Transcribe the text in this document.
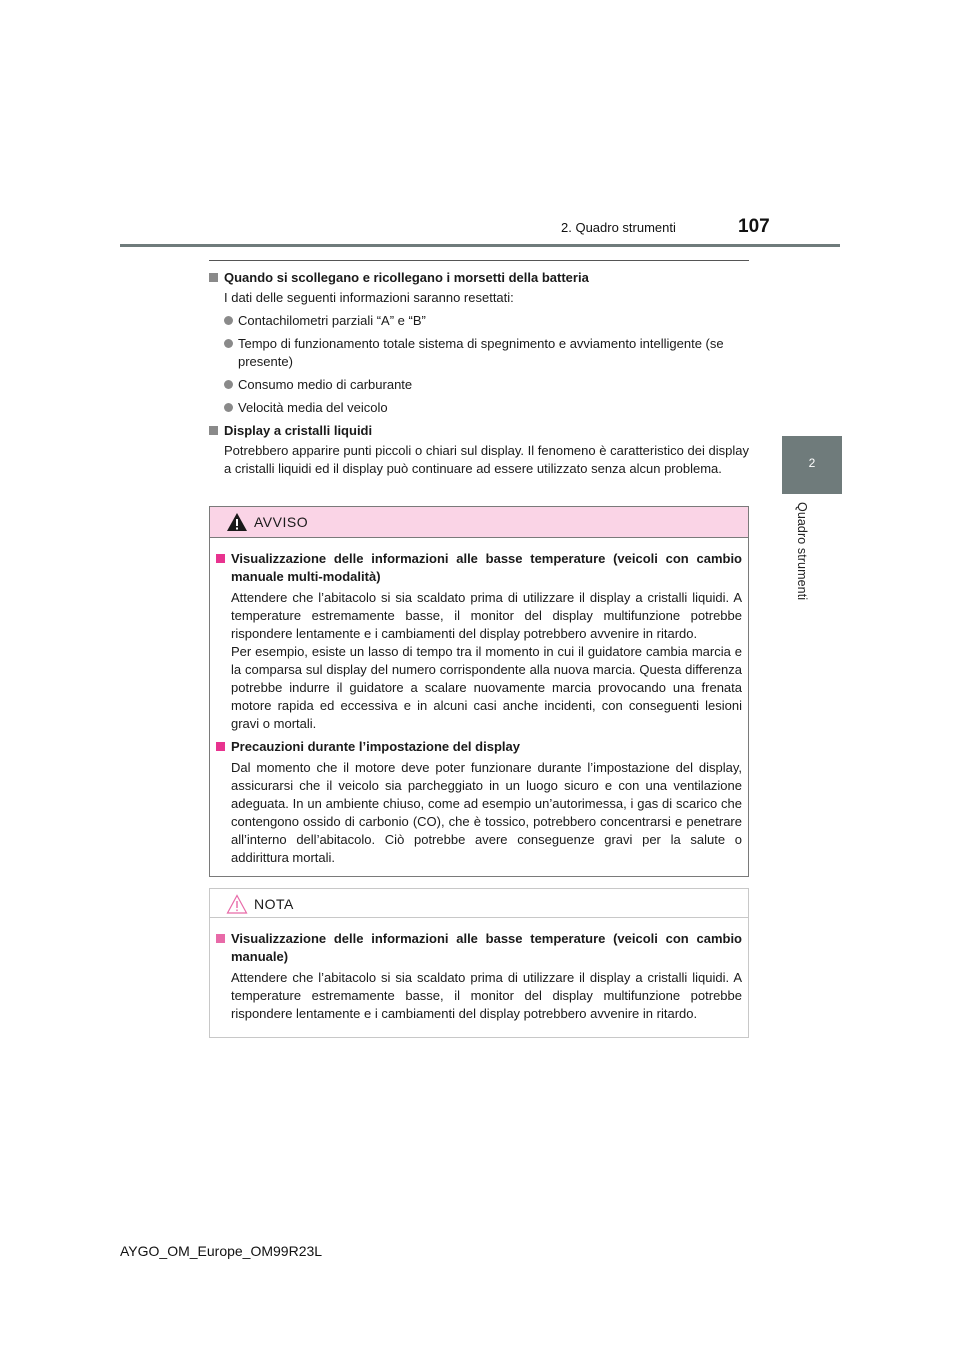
2. Quadro strumenti	107
2
Quadro strumenti
Quando si scollegano e ricollegano i morsetti della batteria
I dati delle seguenti informazioni saranno resettati:
Contachilometri parziali “A” e “B”
Tempo di funzionamento totale sistema di spegnimento e avviamento intelligente (se presente)
Consumo medio di carburante
Velocità media del veicolo
Display a cristalli liquidi
Potrebbero apparire punti piccoli o chiari sul display. Il fenomeno è caratteristico dei display a cristalli liquidi ed il display può continuare ad essere utilizzato senza alcun problema.
AVVISO
Visualizzazione delle informazioni alle basse temperature (veicoli con cambio manuale multi-modalità)
Attendere che l’abitacolo si sia scaldato prima di utilizzare il display a cristalli liquidi. A temperature estremamente basse, il monitor del display multifunzione potrebbe rispondere lentamente e i cambiamenti del display potrebbero avvenire in ritardo.
Per esempio, esiste un lasso di tempo tra il momento in cui il guidatore cambia marcia e la comparsa sul display del numero corrispondente alla nuova marcia. Questa differenza potrebbe indurre il guidatore a scalare nuovamente marcia provocando una frenata motore rapida ed eccessiva e in alcuni casi anche incidenti, con conseguenti lesioni gravi o mortali.
Precauzioni durante l’impostazione del display
Dal momento che il motore deve poter funzionare durante l’impostazione del display, assicurarsi che il veicolo sia parcheggiato in un luogo sicuro e con una ventilazione adeguata. In un ambiente chiuso, come ad esempio un’autorimessa, i gas di scarico che contengono ossido di carbonio (CO), che è tossico, potrebbero concentrarsi e penetrare all’interno dell’abitacolo. Ciò potrebbe avere conseguenze gravi per la salute o addirittura mortali.
NOTA
Visualizzazione delle informazioni alle basse temperature (veicoli con cambio manuale)
Attendere che l’abitacolo si sia scaldato prima di utilizzare il display a cristalli liquidi. A temperature estremamente basse, il monitor del display multifunzione potrebbe rispondere lentamente e i cambiamenti del display potrebbero avvenire in ritardo.
AYGO_OM_Europe_OM99R23L
